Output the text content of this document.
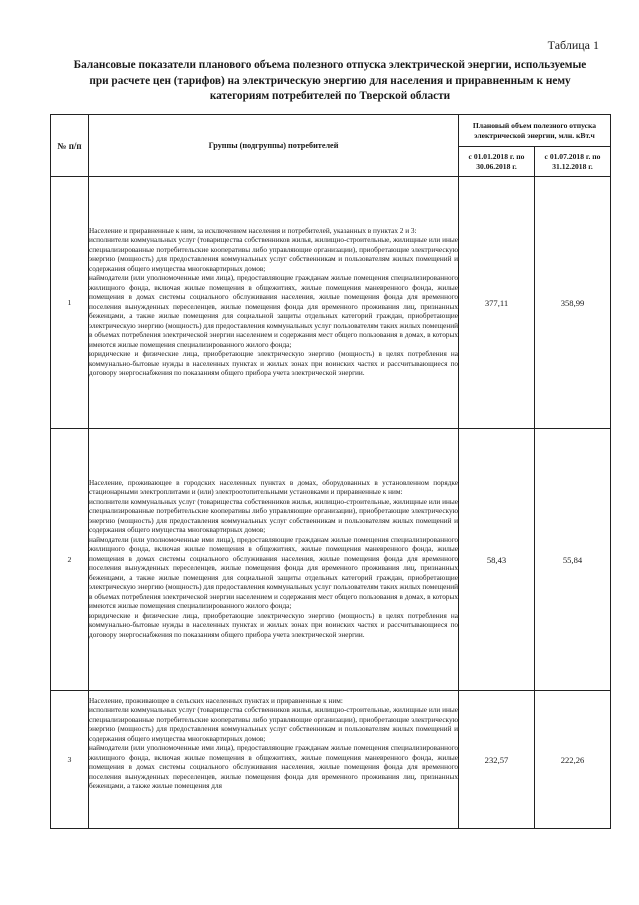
Таблица 1
Балансовые показатели планового объема полезного отпуска электрической энергии, используемые при расчете цен (тарифов) на электрическую энергию для населения и приравненным к нему категориям потребителей по Тверской области
№ п/п	Группы (подгруппы) потребителей	Плановый объем полезного отпуска электрической энергии, млн. кВт.ч	
		с 01.01.2018 г. по 30.06.2018 г.	с 01.07.2018 г. по 31.12.2018 г.
1	Население и приравненные к ним, за исключением населения и потребителей, указанных в пунктах 2 и 3:

исполнители коммунальных услуг (товарищества собственников жилья, жилищно-строительные, жилищные или иные специализированные потребительские кооперативы либо управляющие организации), приобретающие электрическую энергию (мощность) для предоставления коммунальных услуг собственникам и пользователям жилых помещений и содержания общего имущества многоквартирных домов;

наймодатели (или уполномоченные ими лица), предоставляющие гражданам жилые помещения специализированного жилищного фонда, включая жилые помещения в общежитиях, жилые помещения маневренного фонда, жилые помещения в домах системы социального обслуживания населения, жилые помещения фонда для временного поселения вынужденных переселенцев, жилые помещения фонда для временного проживания лиц, признанных беженцами, а также жилые помещения для социальной защиты отдельных категорий граждан, приобретающие электрическую энергию (мощность) для предоставления коммунальных услуг пользователям таких жилых помещений в объемах потребления электрической энергии населением и содержания мест общего пользования в домах, в которых имеются жилые помещения специализированного жилого фонда;

юридические и физические лица, приобретающие электрическую энергию (мощность) в целях потребления на коммунально-бытовые нужды в населенных пунктах и жилых зонах при воинских частях и рассчитывающиеся по договору энергоснабжения по показаниям общего прибора учета электрической энергии.	377,11	358,99
2	Население, проживающее в городских населенных пунктах в домах, оборудованных в установленном порядке стационарными электроплитами и (или) электроотопительными установками и приравненные к ним:

исполнители коммунальных услуг (товарищества собственников жилья, жилищно-строительные, жилищные или иные специализированные потребительские кооперативы либо управляющие организации), приобретающие электрическую энергию (мощность) для предоставления коммунальных услуг собственникам и пользователям жилых помещений и содержания общего имущества многоквартирных домов;

наймодатели (или уполномоченные ими лица), предоставляющие гражданам жилые помещения специализированного жилищного фонда, включая жилые помещения в общежитиях, жилые помещения маневренного фонда, жилые помещения в домах системы социального обслуживания населения, жилые помещения фонда для временного поселения вынужденных переселенцев, жилые помещения фонда для временного проживания лиц, признанных беженцами, а также жилые помещения для социальной защиты отдельных категорий граждан, приобретающие электрическую энергию (мощность) для предоставления коммунальных услуг пользователям таких жилых помещений в объемах потребления электрической энергии населением и содержания мест общего пользования в домах, в которых имеются жилые помещения специализированного жилого фонда;

юридические и физические лица, приобретающие электрическую энергию (мощность) в целях потребления на коммунально-бытовые нужды в населенных пунктах и жилых зонах при воинских частях и рассчитывающиеся по договору энергоснабжения по показаниям общего прибора учета электрической энергии.	58,43	55,84
3	Население, проживающее в сельских населенных пунктах и приравненные к ним:

исполнители коммунальных услуг (товарищества собственников жилья, жилищно-строительные, жилищные или иные специализированные потребительские кооперативы либо управляющие организации), приобретающие электрическую энергию (мощность) для предоставления коммунальных услуг собственникам и пользователям жилых помещений и содержания общего имущества многоквартирных домов;

наймодатели (или уполномоченные ими лица), предоставляющие гражданам жилые помещения специализированного жилищного фонда, включая жилые помещения в общежитиях, жилые помещения маневренного фонда, жилые помещения в домах системы социального обслуживания населения, жилые помещения фонда для временного поселения вынужденных переселенцев, жилые помещения фонда для временного проживания лиц, признанных беженцами, а также жилые помещения для	232,57	222,26
